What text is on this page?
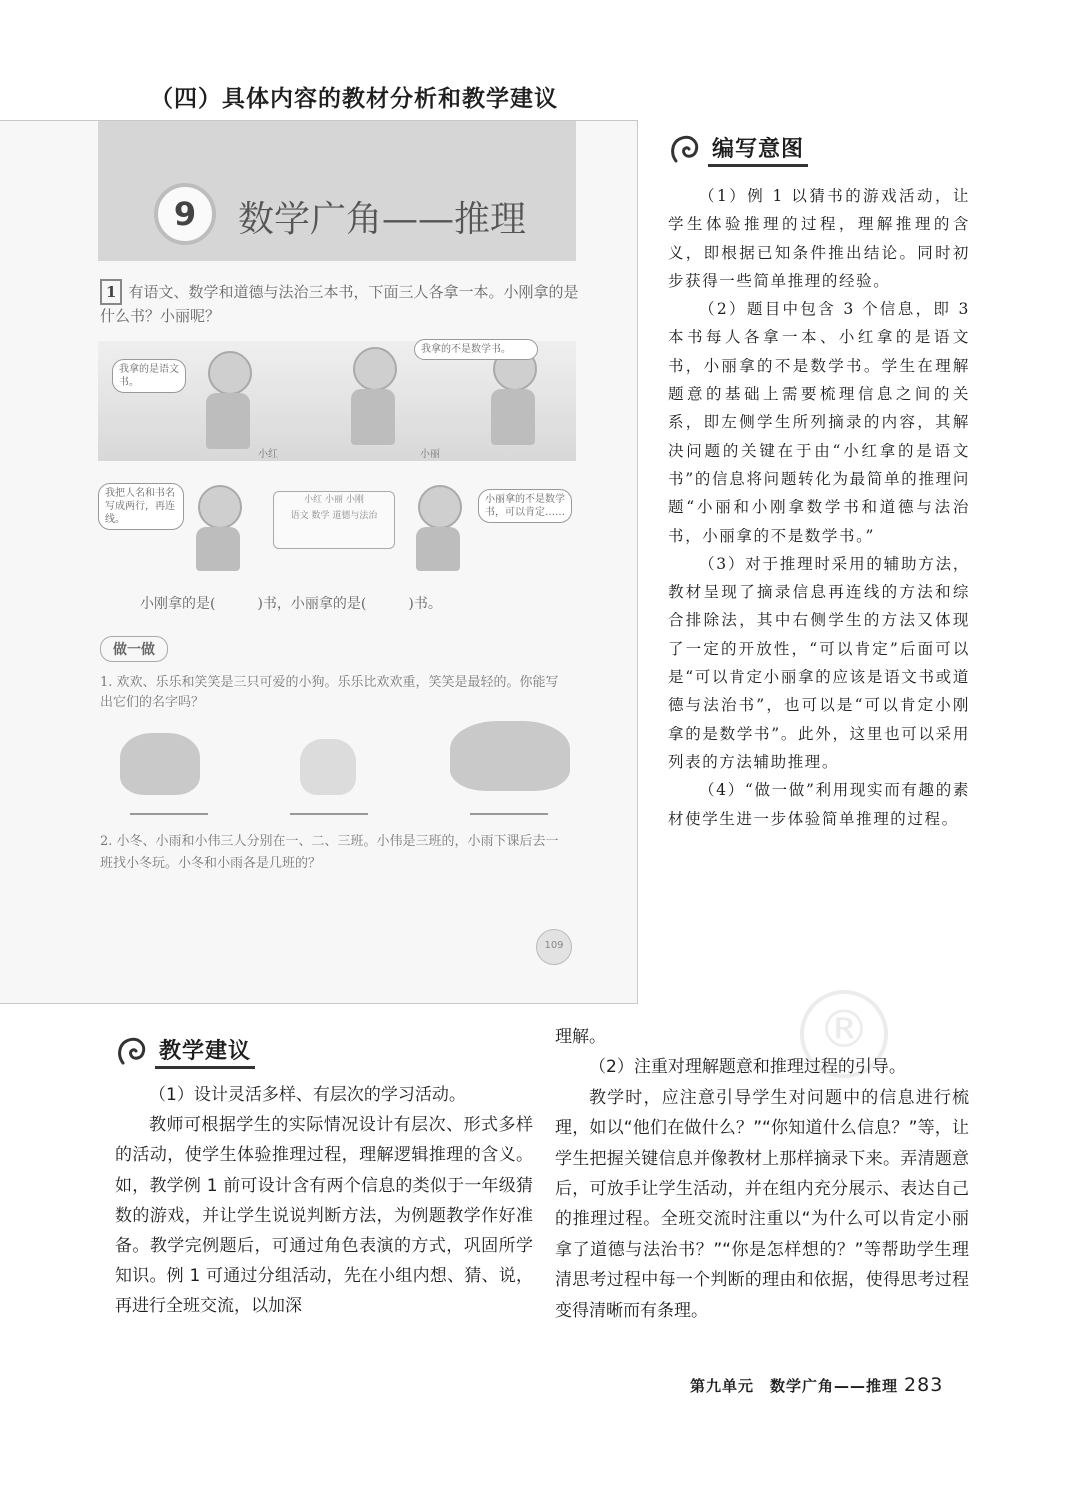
（四）具体内容的教材分析和教学建议
9	数学广角——推理
1 有语文、数学和道德与法治三本书，下面三人各拿一本。小刚拿的是什么书？小丽呢？
我拿的是语文书。
我拿的不是数学书。
小红	小丽
我把人名和书名写成两行，再连线。
小红 小丽 小刚
语文 数学 道德与法治
小丽拿的不是数学书，可以肯定……
小刚拿的是(　　　)书，小丽拿的是(　　　)书。
做一做
1. 欢欢、乐乐和笑笑是三只可爱的小狗。乐乐比欢欢重，笑笑是最轻的。你能写出它们的名字吗？
2. 小冬、小雨和小伟三人分别在一、二、三班。小伟是三班的，小雨下课后去一班找小冬玩。小冬和小雨各是几班的？
109
编写意图

（1）例 1 以猜书的游戏活动，让学生体验推理的过程，理解推理的含义，即根据已知条件推出结论。同时初步获得一些简单推理的经验。

（2）题目中包含 3 个信息，即 3 本书每人各拿一本、小红拿的是语文书，小丽拿的不是数学书。学生在理解题意的基础上需要梳理信息之间的关系，即左侧学生所列摘录的内容，其解决问题的关键在于由“小红拿的是语文书”的信息将问题转化为最简单的推理问题“小丽和小刚拿数学书和道德与法治书，小丽拿的不是数学书。”

（3）对于推理时采用的辅助方法，教材呈现了摘录信息再连线的方法和综合排除法，其中右侧学生的方法又体现了一定的开放性，“可以肯定”后面可以是“可以肯定小丽拿的应该是语文书或道德与法治书”，也可以是“可以肯定小刚拿的是数学书”。此外，这里也可以采用列表的方法辅助推理。

（4）“做一做”利用现实而有趣的素材使学生进一步体验简单推理的过程。

®
教学建议

（1）设计灵活多样、有层次的学习活动。

教师可根据学生的实际情况设计有层次、形式多样的活动，使学生体验推理过程，理解逻辑推理的含义。如，教学例 1 前可设计含有两个信息的类似于一年级猜数的游戏，并让学生说说判断方法，为例题教学作好准备。教学完例题后，可通过角色表演的方式，巩固所学知识。例 1 可通过分组活动，先在小组内想、猜、说，再进行全班交流，以加深

理解。

（2）注重对理解题意和推理过程的引导。

教学时，应注意引导学生对问题中的信息进行梳理，如以“他们在做什么？”“你知道什么信息？”等，让学生把握关键信息并像教材上那样摘录下来。弄清题意后，可放手让学生活动，并在组内充分展示、表达自己的推理过程。全班交流时注重以“为什么可以肯定小丽拿了道德与法治书？”“你是怎样想的？”等帮助学生理清思考过程中每一个判断的理由和依据，使得思考过程变得清晰而有条理。

第九单元　数学广角——推理 283
